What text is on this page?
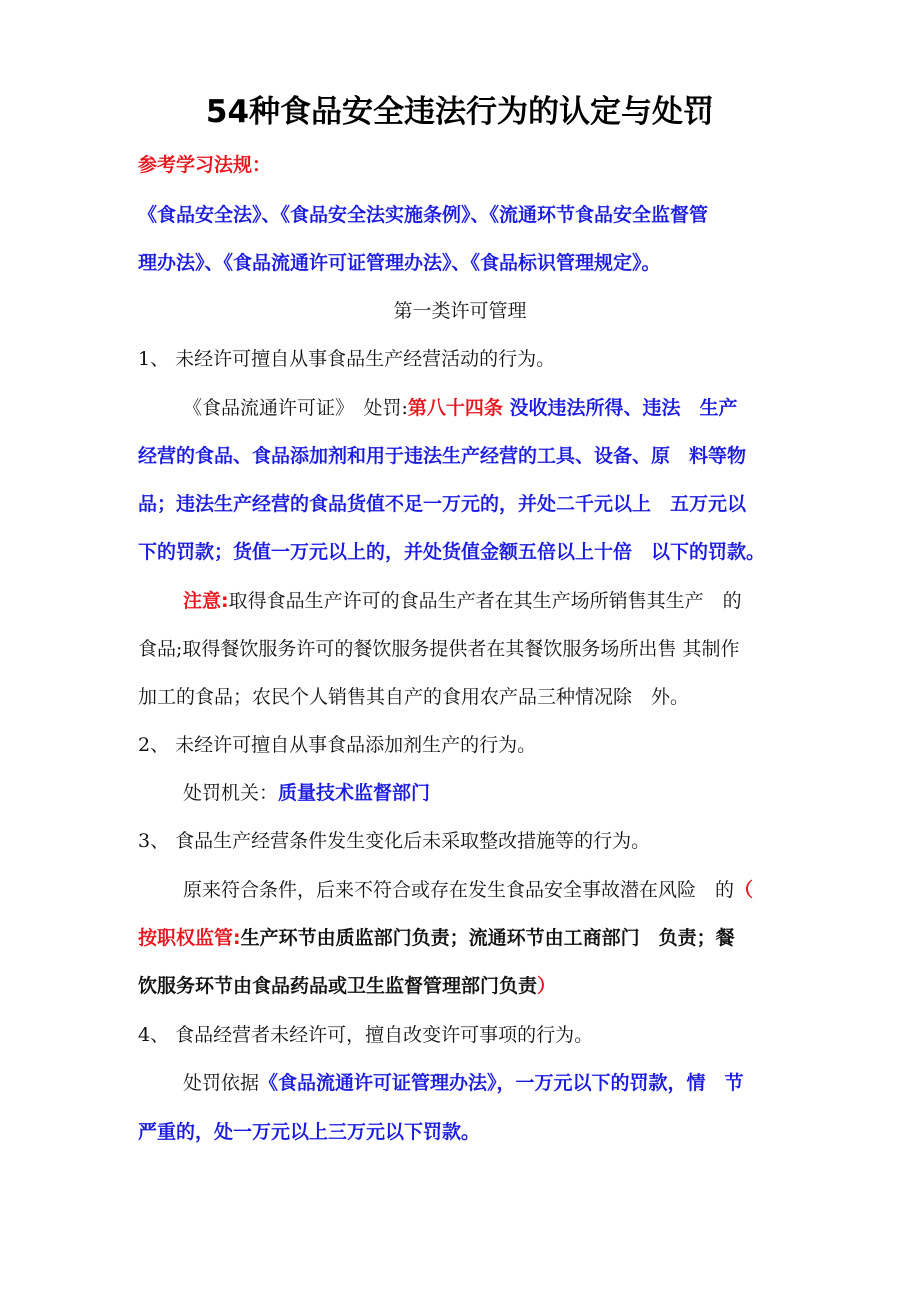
54种食品安全违法行为的认定与处罚
参考学习法规：
《食品安全法》、《食品安全法实施条例》、《流通环节食品安全监督管
理办法》、《食品流通许可证管理办法》、《食品标识管理规定》。
第一类许可管理
1、 未经许可擅自从事食品生产经营活动的行为。
《食品流通许可证》　处罚:第八十四条 没收违法所得、违法　生产
经营的食品、食品添加剂和用于违法生产经营的工具、设备、原　料等物
品；违法生产经营的食品货值不足一万元的，并处二千元以上　五万元以
下的罚款；货值一万元以上的，并处货值金额五倍以上十倍　以下的罚款。
注意:取得食品生产许可的食品生产者在其生产场所销售其生产　的
食品;取得餐饮服务许可的餐饮服务提供者在其餐饮服务场所出售 其制作
加工的食品；农民个人销售其自产的食用农产品三种情况除　外。
2、 未经许可擅自从事食品添加剂生产的行为。
处罚机关：质量技术监督部门
3、 食品生产经营条件发生变化后未采取整改措施等的行为。
原来符合条件，后来不符合或存在发生食品安全事故潜在风险　的（
按职权监管:生产环节由质监部门负责；流通环节由工商部门　负责；餐
饮服务环节由食品药品或卫生监督管理部门负责）
4、 食品经营者未经许可，擅自改变许可事项的行为。
处罚依据《食品流通许可证管理办法》，一万元以下的罚款，情　节
严重的，处一万元以上三万元以下罚款。
